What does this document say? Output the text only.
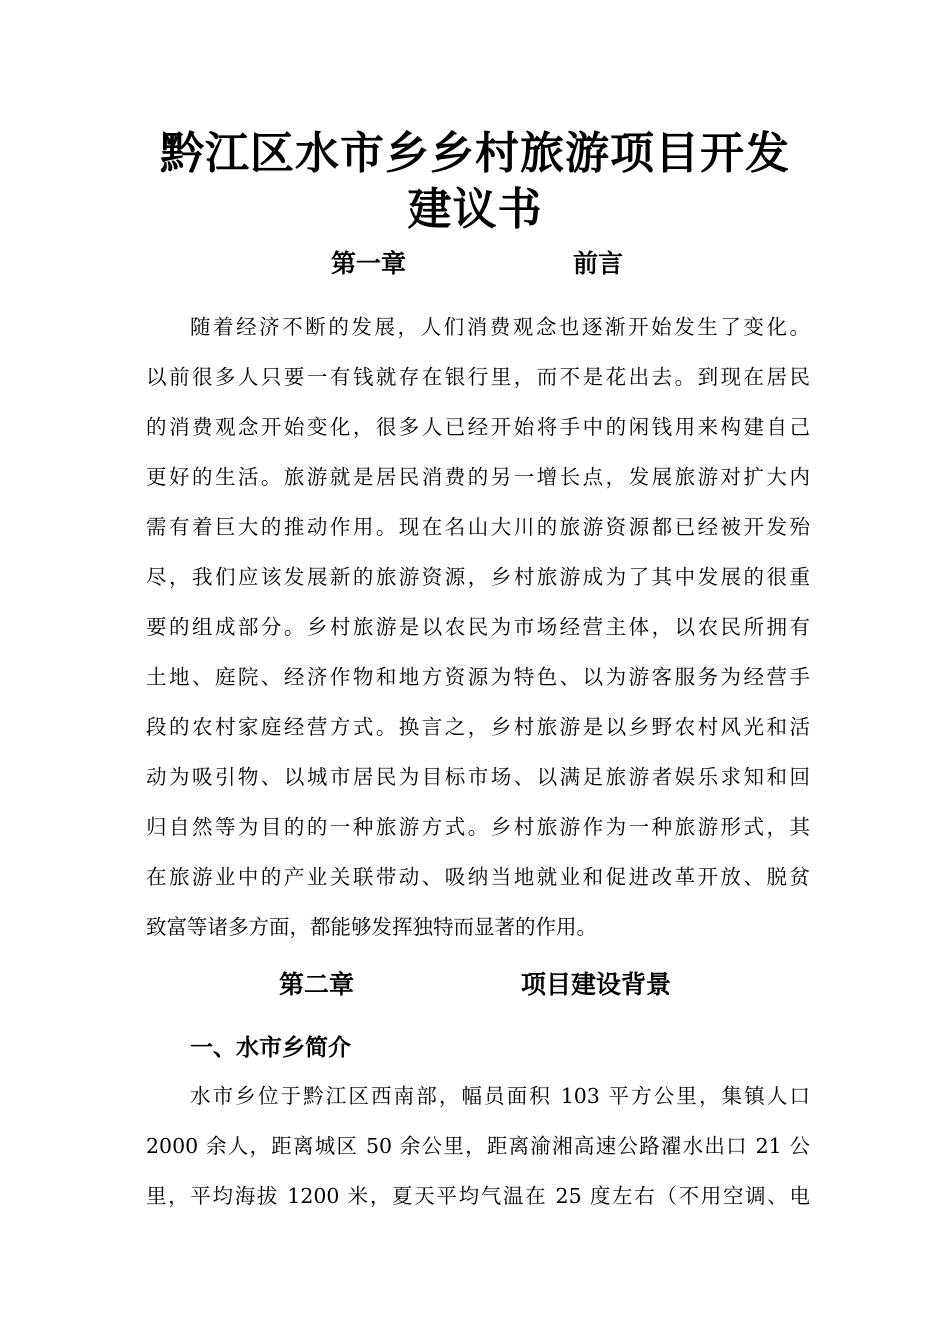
黔江区水市乡乡村旅游项目开发
建议书
第一章	前言
随着经济不断的发展，人们消费观念也逐渐开始发生了变化。
以前很多人只要一有钱就存在银行里，而不是花出去。到现在居民
的消费观念开始变化，很多人已经开始将手中的闲钱用来构建自己
更好的生活。旅游就是居民消费的另一增长点，发展旅游对扩大内
需有着巨大的推动作用。现在名山大川的旅游资源都已经被开发殆
尽，我们应该发展新的旅游资源，乡村旅游成为了其中发展的很重
要的组成部分。乡村旅游是以农民为市场经营主体，以农民所拥有
土地、庭院、经济作物和地方资源为特色、以为游客服务为经营手
段的农村家庭经营方式。换言之，乡村旅游是以乡野农村风光和活
动为吸引物、以城市居民为目标市场、以满足旅游者娱乐求知和回
归自然等为目的的一种旅游方式。乡村旅游作为一种旅游形式，其
在旅游业中的产业关联带动、吸纳当地就业和促进改革开放、脱贫
致富等诸多方面，都能够发挥独特而显著的作用。
第二章	项目建设背景
一、水市乡简介
水市乡位于黔江区西南部，幅员面积 103 平方公里，集镇人口
2000 余人，距离城区 50 余公里，距离渝湘高速公路濯水出口 21 公
里，平均海拔 1200 米，夏天平均气温在 25 度左右（不用空调、电
